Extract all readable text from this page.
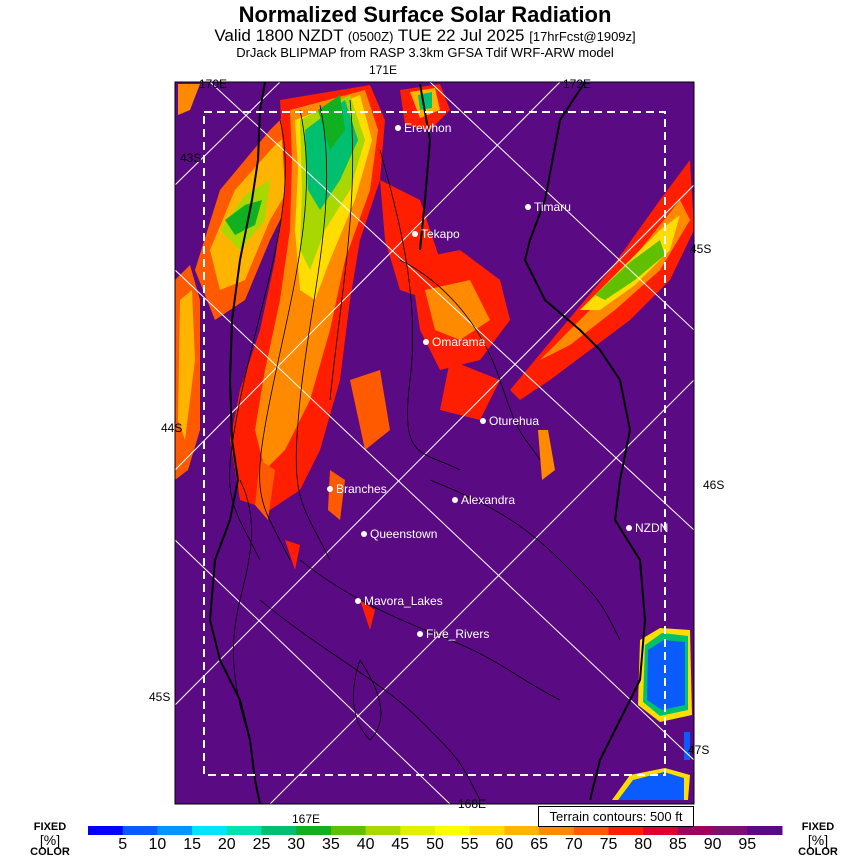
Normalized Surface Solar Radiation
Valid 1800 NZDT (0500Z) TUE 22 Jul 2025 [17hrFcst@1909z]
DrJack BLIPMAP from RASP 3.3km GFSA Tdif WRF-ARW model
Erewhon
Timaru
Tekapo
Omarama
Oturehua
Branches
Alexandra
Queenstown	NZDN
Mavora_Lakes
Five_Rivers
171E
170E	172E
167E
168E
43S
44S
45S
45S
46S
47S
Terrain contours: 500 ft
FIXED
[%]
COLOR
FIXED
[%]
COLOR
5	10	15	20	25	30	35	40	45	50	55	60	65	70	75	80	85	90	95
